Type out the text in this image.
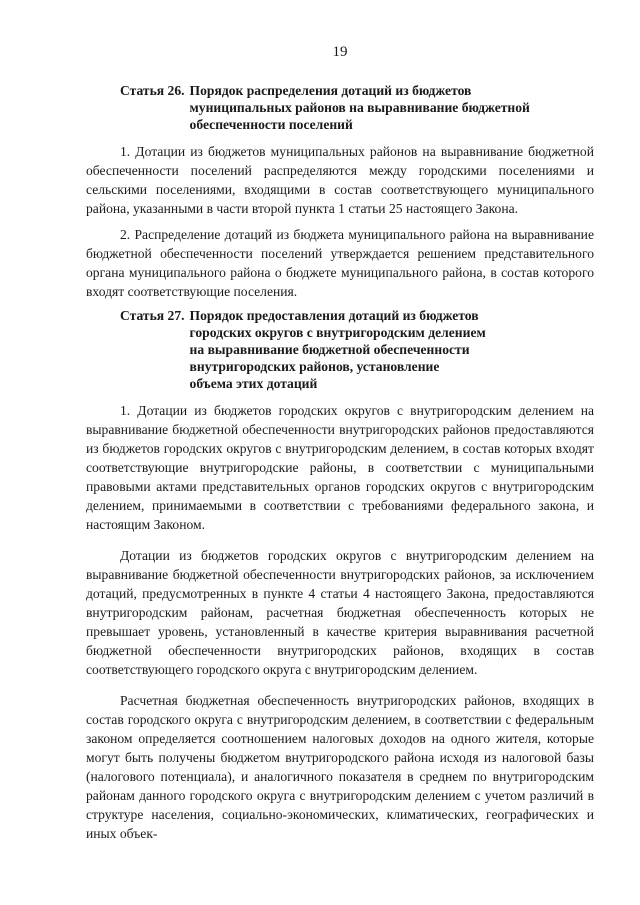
19
Статья 26. Порядок распределения дотаций из бюджетов
муниципальных районов на выравнивание бюджетной
обеспеченности поселений

1. Дотации из бюджетов муниципальных районов на выравнивание бюджетной обеспеченности поселений распределяются между городскими поселениями и сельскими поселениями, входящими в состав соответствующего муниципального района, указанными в части второй пункта 1 статьи 25 настоящего Закона.

2. Распределение дотаций из бюджета муниципального района на выравнивание бюджетной обеспеченности поселений утверждается решением представительного органа муниципального района о бюджете муниципального района, в состав которого входят соответствующие поселения.

Статья 27. Порядок предоставления дотаций из бюджетов
городских округов с внутригородским делением
на выравнивание бюджетной обеспеченности
внутригородских районов, установление
объема этих дотаций

1. Дотации из бюджетов городских округов с внутригородским делением на выравнивание бюджетной обеспеченности внутригородских районов предоставляются из бюджетов городских округов с внутригородским делением, в состав которых входят соответствующие внутригородские районы, в соответствии с муниципальными правовыми актами представительных органов городских округов с внутригородским делением, принимаемыми в соответствии с требованиями федерального закона, и настоящим Законом.

Дотации из бюджетов городских округов с внутригородским делением на выравнивание бюджетной обеспеченности внутригородских районов, за исключением дотаций, предусмотренных в пункте 4 статьи 4 настоящего Закона, предоставляются внутригородским районам, расчетная бюджетная обеспеченность которых не превышает уровень, установленный в качестве критерия выравнивания расчетной бюджетной обеспеченности внутригородских районов, входящих в состав соответствующего городского округа с внутригородским делением.

Расчетная бюджетная обеспеченность внутригородских районов, входящих в состав городского округа с внутригородским делением, в соответствии с федеральным законом определяется соотношением налоговых доходов на одного жителя, которые могут быть получены бюджетом внутригородского района исходя из налоговой базы (налогового потенциала), и аналогичного показателя в среднем по внутригородским районам данного городского округа с внутригородским делением с учетом различий в структуре населения, социально-экономических, климатических, географических и иных объек-
